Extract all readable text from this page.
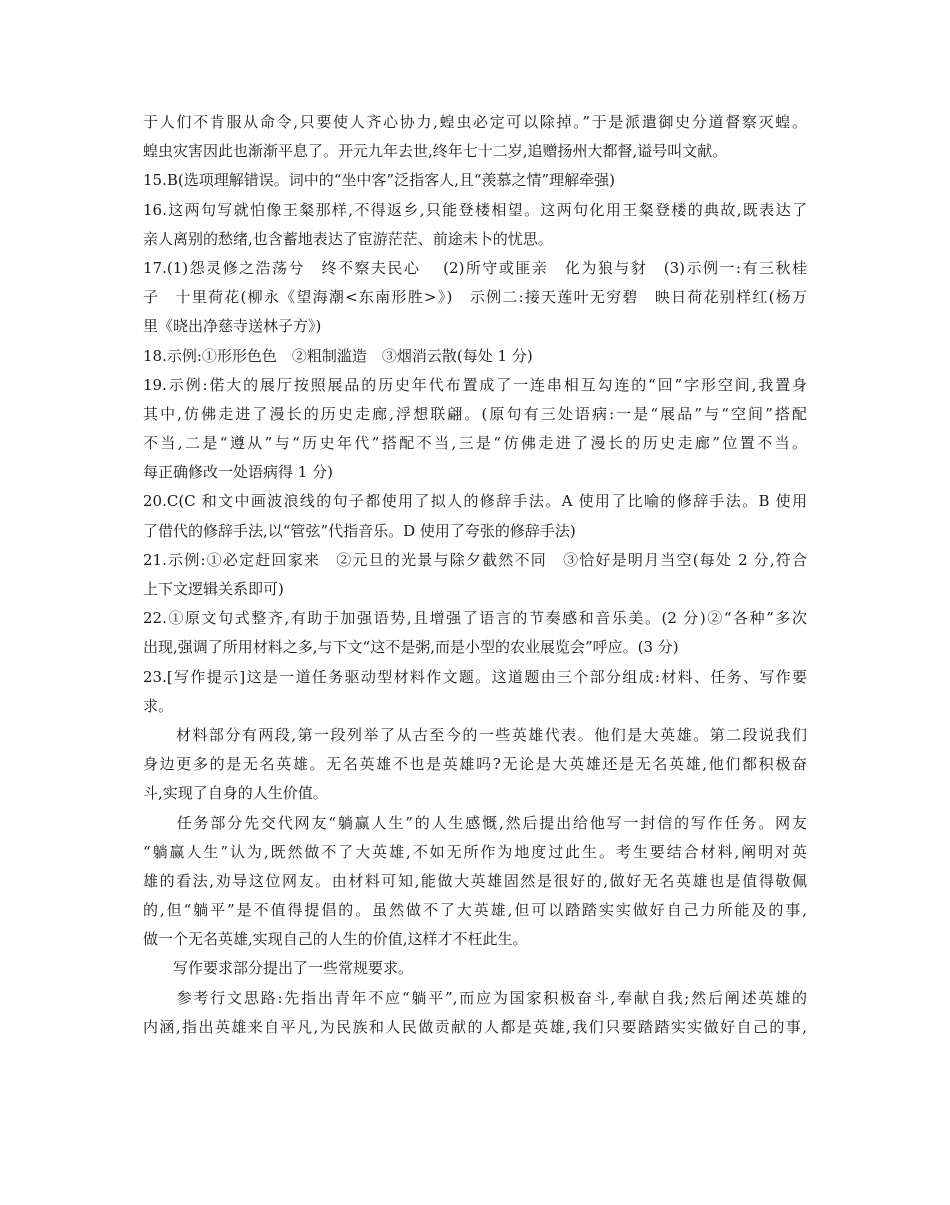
于人们不肯服从命令,只要使人齐心协力,蝗虫必定可以除掉。”于是派遣御史分道督察灭蝗。
蝗虫灾害因此也渐渐平息了。开元九年去世,终年七十二岁,追赠扬州大都督,谥号叫文献。
15.B(选项理解错误。词中的“坐中客”泛指客人,且“羡慕之情”理解牵强)
16.这两句写就怕像王粲那样,不得返乡,只能登楼相望。这两句化用王粲登楼的典故,既表达了
亲人离别的愁绪,也含蓄地表达了宦游茫茫、前途未卜的忧思。
17.(1)怨灵修之浩荡兮　终不察夫民心　 (2)所守或匪亲　化为狼与豺　(3)示例一:有三秋桂
子　十里荷花(柳永《望海潮<东南形胜>》)　示例二:接天莲叶无穷碧　映日荷花别样红(杨万
里《晓出净慈寺送林子方》)
18.示例:①形形色色　②粗制滥造　③烟消云散(每处 1 分)
19.示例:偌大的展厅按照展品的历史年代布置成了一连串相互勾连的“回”字形空间,我置身
其中,仿佛走进了漫长的历史走廊,浮想联翩。(原句有三处语病:一是“展品”与“空间”搭配
不当,二是“遵从”与“历史年代”搭配不当,三是“仿佛走进了漫长的历史走廊”位置不当。
每正确修改一处语病得 1 分)
20.C(C 和文中画波浪线的句子都使用了拟人的修辞手法。A 使用了比喻的修辞手法。B 使用
了借代的修辞手法,以“管弦”代指音乐。D 使用了夸张的修辞手法)
21.示例:①必定赶回家来　②元旦的光景与除夕截然不同　③恰好是明月当空(每处 2 分,符合
上下文逻辑关系即可)
22.①原文句式整齐,有助于加强语势,且增强了语言的节奏感和音乐美。(2 分)②“各种”多次
出现,强调了所用材料之多,与下文“这不是粥,而是小型的农业展览会”呼应。(3 分)
23.[写作提示]这是一道任务驱动型材料作文题。这道题由三个部分组成:材料、任务、写作要
求。
　　材料部分有两段,第一段列举了从古至今的一些英雄代表。他们是大英雄。第二段说我们
身边更多的是无名英雄。无名英雄不也是英雄吗?无论是大英雄还是无名英雄,他们都积极奋
斗,实现了自身的人生价值。
　　任务部分先交代网友“躺赢人生”的人生感慨,然后提出给他写一封信的写作任务。网友
“躺赢人生”认为,既然做不了大英雄,不如无所作为地度过此生。考生要结合材料,阐明对英
雄的看法,劝导这位网友。由材料可知,能做大英雄固然是很好的,做好无名英雄也是值得敬佩
的,但“躺平”是不值得提倡的。虽然做不了大英雄,但可以踏踏实实做好自己力所能及的事,
做一个无名英雄,实现自己的人生的价值,这样才不枉此生。
　　写作要求部分提出了一些常规要求。
　　参考行文思路:先指出青年不应“躺平”,而应为国家积极奋斗,奉献自我;然后阐述英雄的
内涵,指出英雄来自平凡,为民族和人民做贡献的人都是英雄,我们只要踏踏实实做好自己的事,
